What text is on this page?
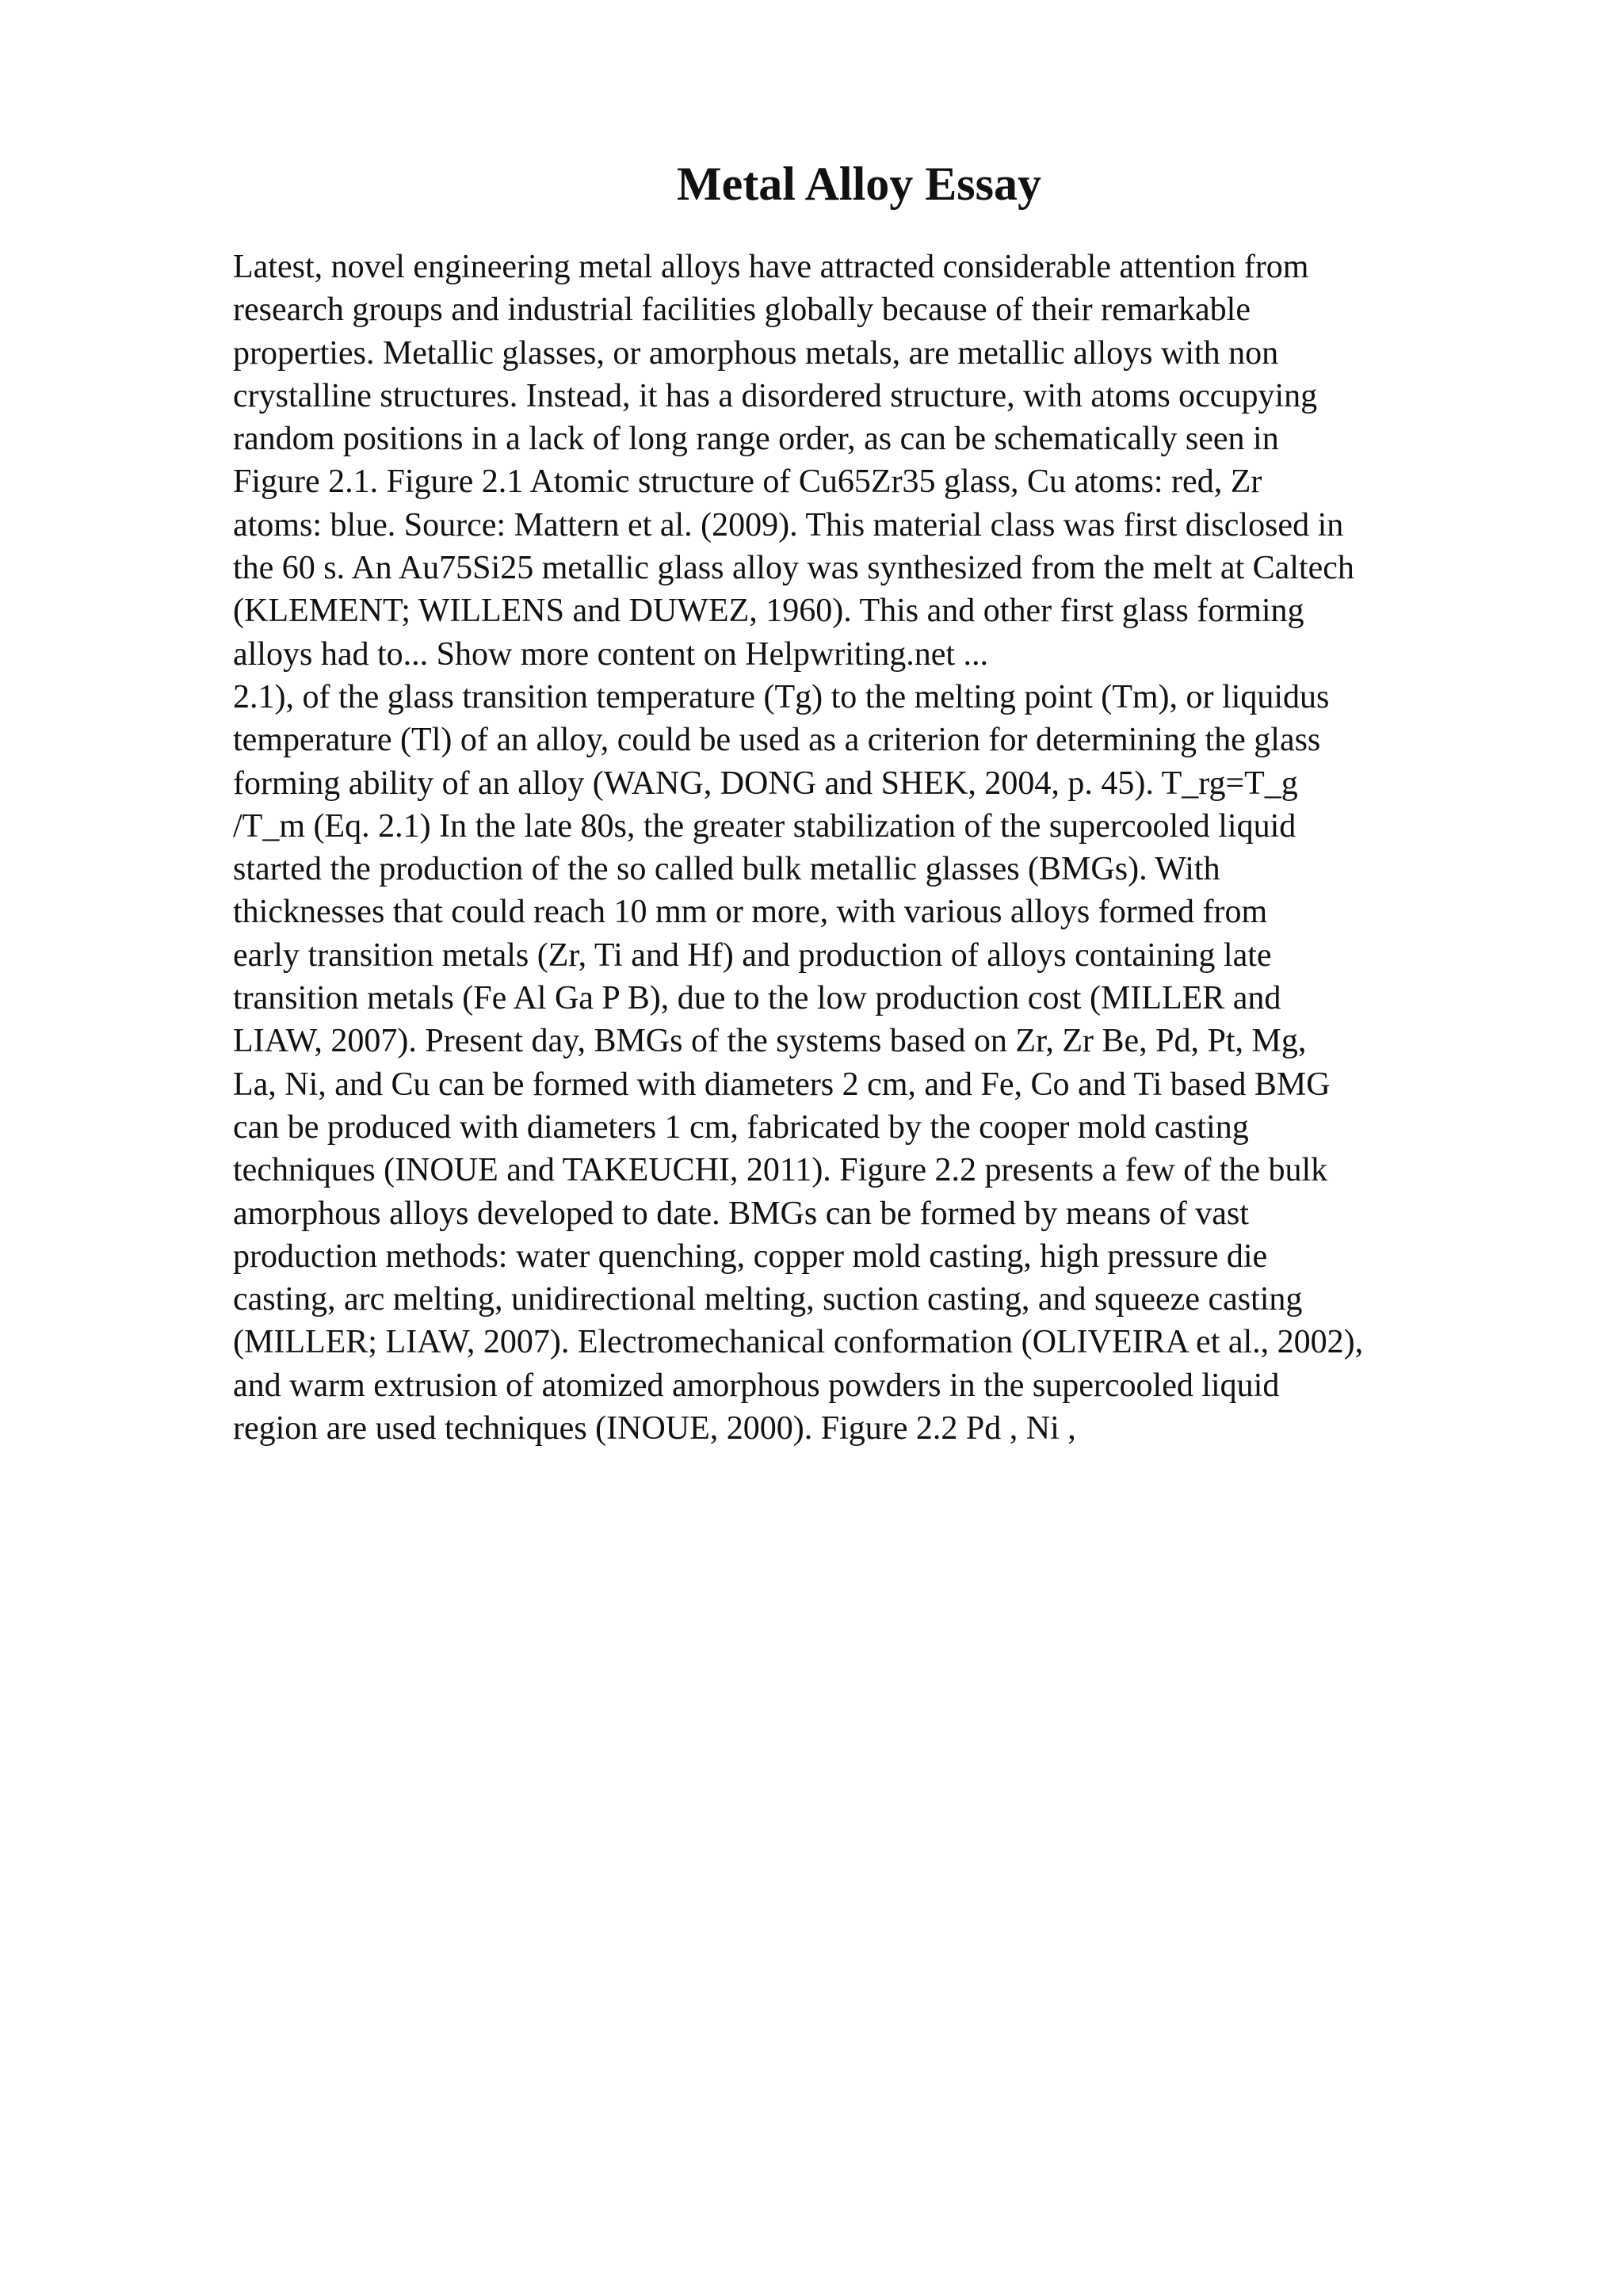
Metal Alloy Essay
Latest, novel engineering metal alloys have attracted considerable attention from
research groups and industrial facilities globally because of their remarkable
properties. Metallic glasses, or amorphous metals, are metallic alloys with non
crystalline structures. Instead, it has a disordered structure, with atoms occupying
random positions in a lack of long range order, as can be schematically seen in
Figure 2.1. Figure 2.1 Atomic structure of Cu65Zr35 glass, Cu atoms: red, Zr
atoms: blue. Source: Mattern et al. (2009). This material class was first disclosed in
the 60 s. An Au75Si25 metallic glass alloy was synthesized from the melt at Caltech
(KLEMENT; WILLENS and DUWEZ, 1960). This and other first glass forming
alloys had to... Show more content on Helpwriting.net ...
2.1), of the glass transition temperature (Tg) to the melting point (Tm), or liquidus
temperature (Tl) of an alloy, could be used as a criterion for determining the glass
forming ability of an alloy (WANG, DONG and SHEK, 2004, p. 45). T_rg=T_g
/T_m (Eq. 2.1) In the late 80s, the greater stabilization of the supercooled liquid
started the production of the so called bulk metallic glasses (BMGs). With
thicknesses that could reach 10 mm or more, with various alloys formed from
early transition metals (Zr, Ti and Hf) and production of alloys containing late
transition metals (Fe Al Ga P B), due to the low production cost (MILLER and
LIAW, 2007). Present day, BMGs of the systems based on Zr, Zr Be, Pd, Pt, Mg,
La, Ni, and Cu can be formed with diameters 2 cm, and Fe, Co and Ti based BMG
can be produced with diameters 1 cm, fabricated by the cooper mold casting
techniques (INOUE and TAKEUCHI, 2011). Figure 2.2 presents a few of the bulk
amorphous alloys developed to date. BMGs can be formed by means of vast
production methods: water quenching, copper mold casting, high pressure die
casting, arc melting, unidirectional melting, suction casting, and squeeze casting
(MILLER; LIAW, 2007). Electromechanical conformation (OLIVEIRA et al., 2002),
and warm extrusion of atomized amorphous powders in the supercooled liquid
region are used techniques (INOUE, 2000). Figure 2.2 Pd , Ni ,
